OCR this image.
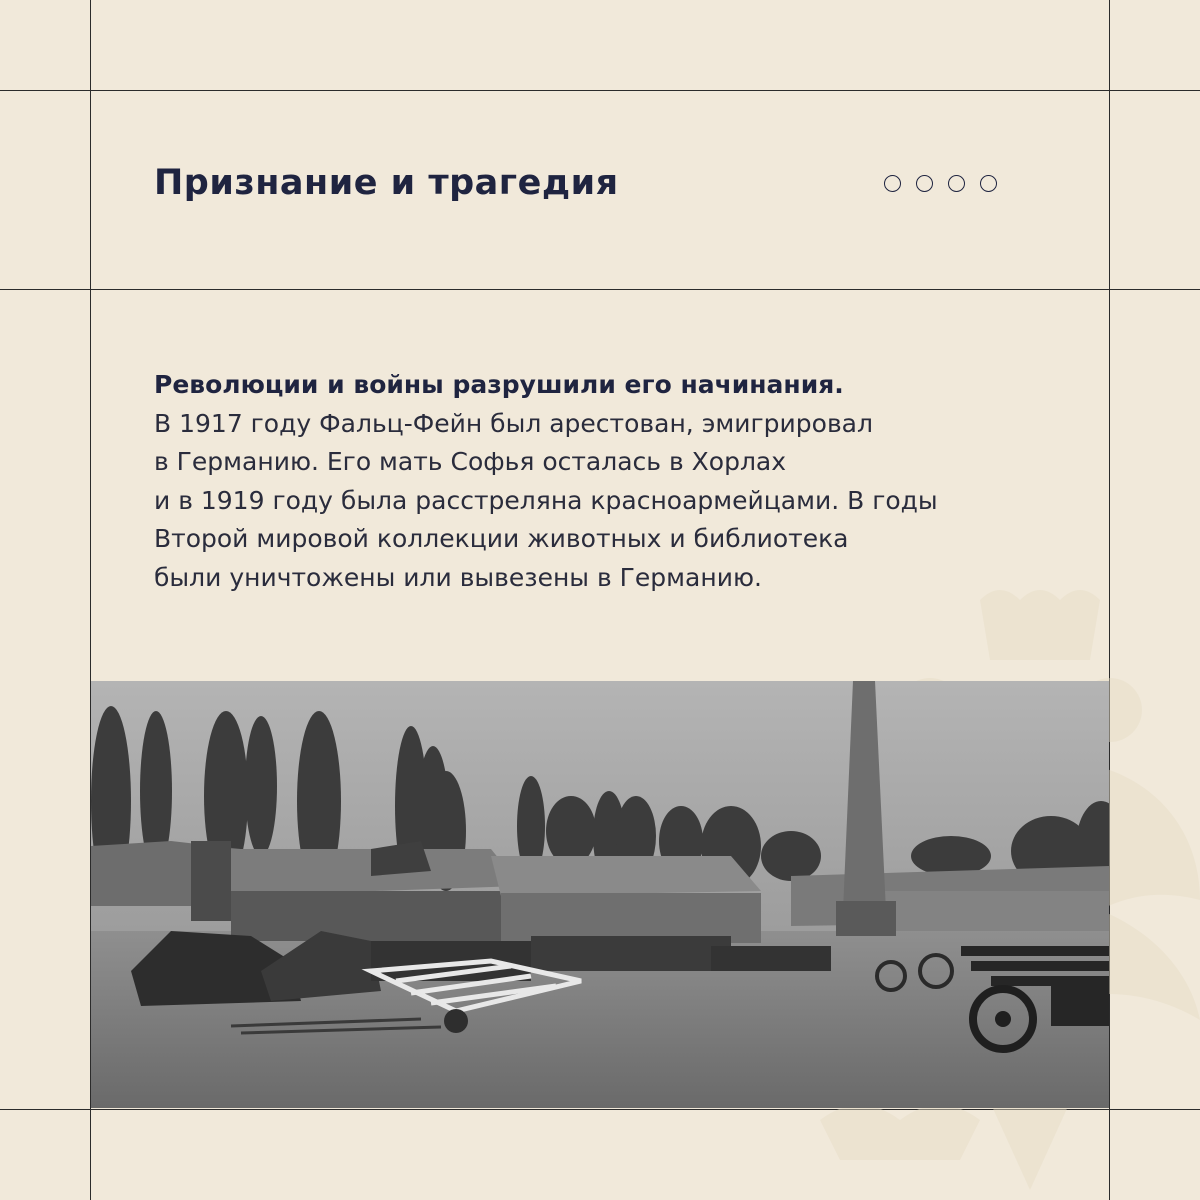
Признание и трагедия

Революции и войны разрушили его начинания.

В 1917 году Фальц-Фейн был арестован, эмигрировал

в Германию. Его мать Софья осталась в Хорлах

и в 1919 году была расстреляна красноармейцами. В годы

Второй мировой коллекции животных и библиотека

были уничтожены или вывезены в Германию.
